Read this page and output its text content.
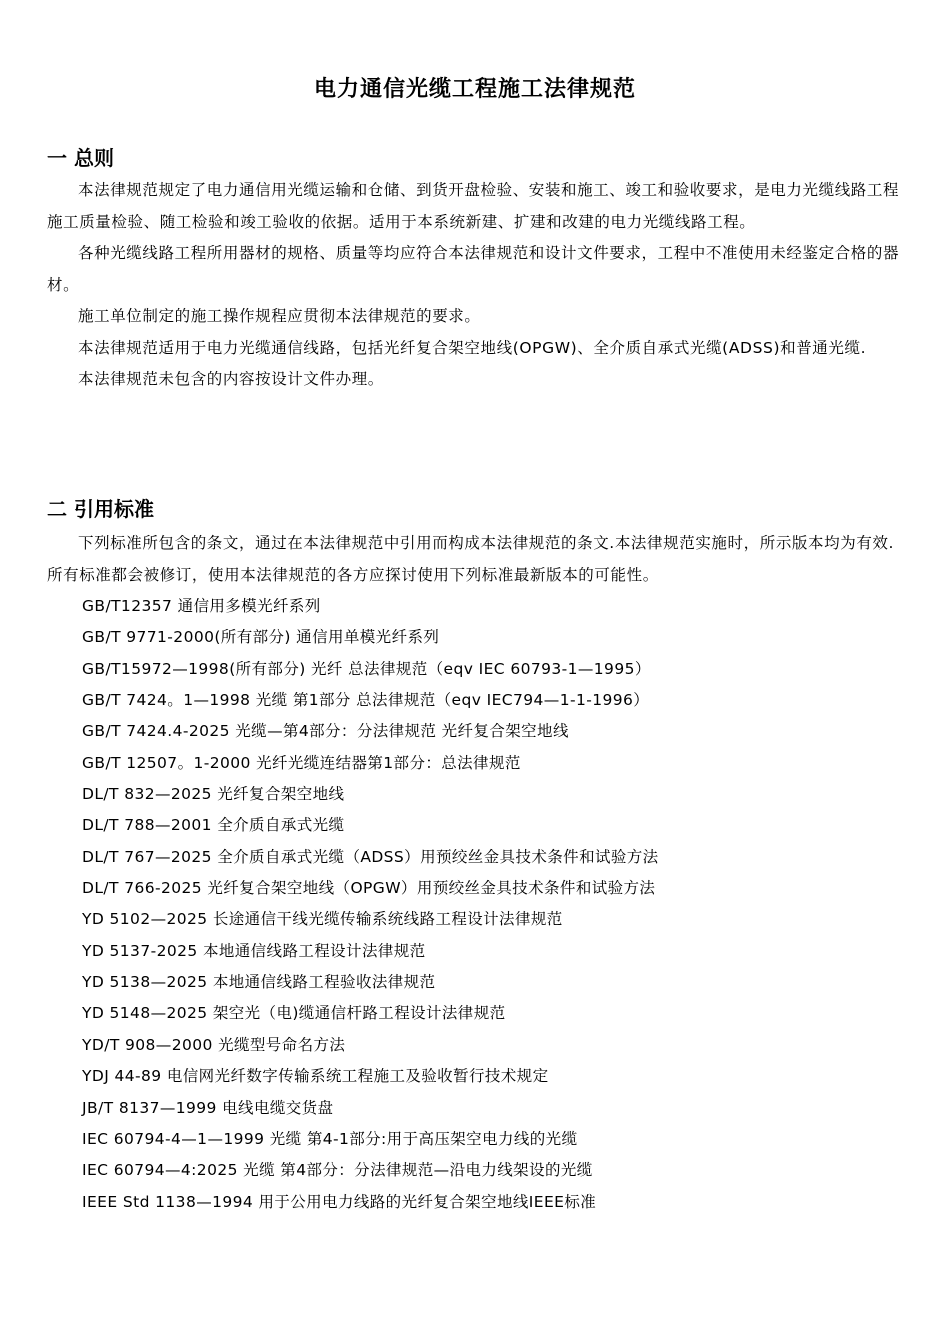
电力通信光缆工程施工法律规范
一 总则

本法律规范规定了电力通信用光缆运输和仓储、到货开盘检验、安装和施工、竣工和验收要求，是电力光缆线路工程施工质量检验、随工检验和竣工验收的依据。适用于本系统新建、扩建和改建的电力光缆线路工程。

各种光缆线路工程所用器材的规格、质量等均应符合本法律规范和设计文件要求，工程中不准使用未经鉴定合格的器材。

施工单位制定的施工操作规程应贯彻本法律规范的要求。

本法律规范适用于电力光缆通信线路，包括光纤复合架空地线(OPGW)、全介质自承式光缆(ADSS)和普通光缆.

本法律规范未包含的内容按设计文件办理。

二 引用标准

下列标准所包含的条文，通过在本法律规范中引用而构成本法律规范的条文.本法律规范实施时，所示版本均为有效.所有标准都会被修订，使用本法律规范的各方应探讨使用下列标准最新版本的可能性。

GB/T12357 通信用多模光纤系列
GB/T 9771-2000(所有部分) 通信用单模光纤系列
GB/T15972—1998(所有部分) 光纤 总法律规范（eqv IEC 60793-1—1995）
GB/T 7424。1—1998 光缆 第1部分 总法律规范（eqv IEC794—1-1-1996）
GB/T 7424.4-2025 光缆—第4部分：分法律规范 光纤复合架空地线
GB/T 12507。1-2000 光纤光缆连结器第1部分：总法律规范
DL/T 832—2025 光纤复合架空地线
DL/T 788—2001 全介质自承式光缆
DL/T 767—2025 全介质自承式光缆（ADSS）用预绞丝金具技术条件和试验方法
DL/T 766-2025 光纤复合架空地线（OPGW）用预绞丝金具技术条件和试验方法
YD 5102—2025 长途通信干线光缆传输系统线路工程设计法律规范
YD 5137-2025 本地通信线路工程设计法律规范
YD 5138—2025 本地通信线路工程验收法律规范
YD 5148—2025 架空光（电)缆通信杆路工程设计法律规范
YD/T 908—2000 光缆型号命名方法
YDJ 44-89 电信网光纤数字传输系统工程施工及验收暂行技术规定
JB/T 8137—1999 电线电缆交货盘
IEC 60794-4—1—1999 光缆 第4-1部分:用于高压架空电力线的光缆
IEC 60794—4:2025 光缆 第4部分：分法律规范—沿电力线架设的光缆
IEEE Std 1138—1994 用于公用电力线路的光纤复合架空地线IEEE标准
